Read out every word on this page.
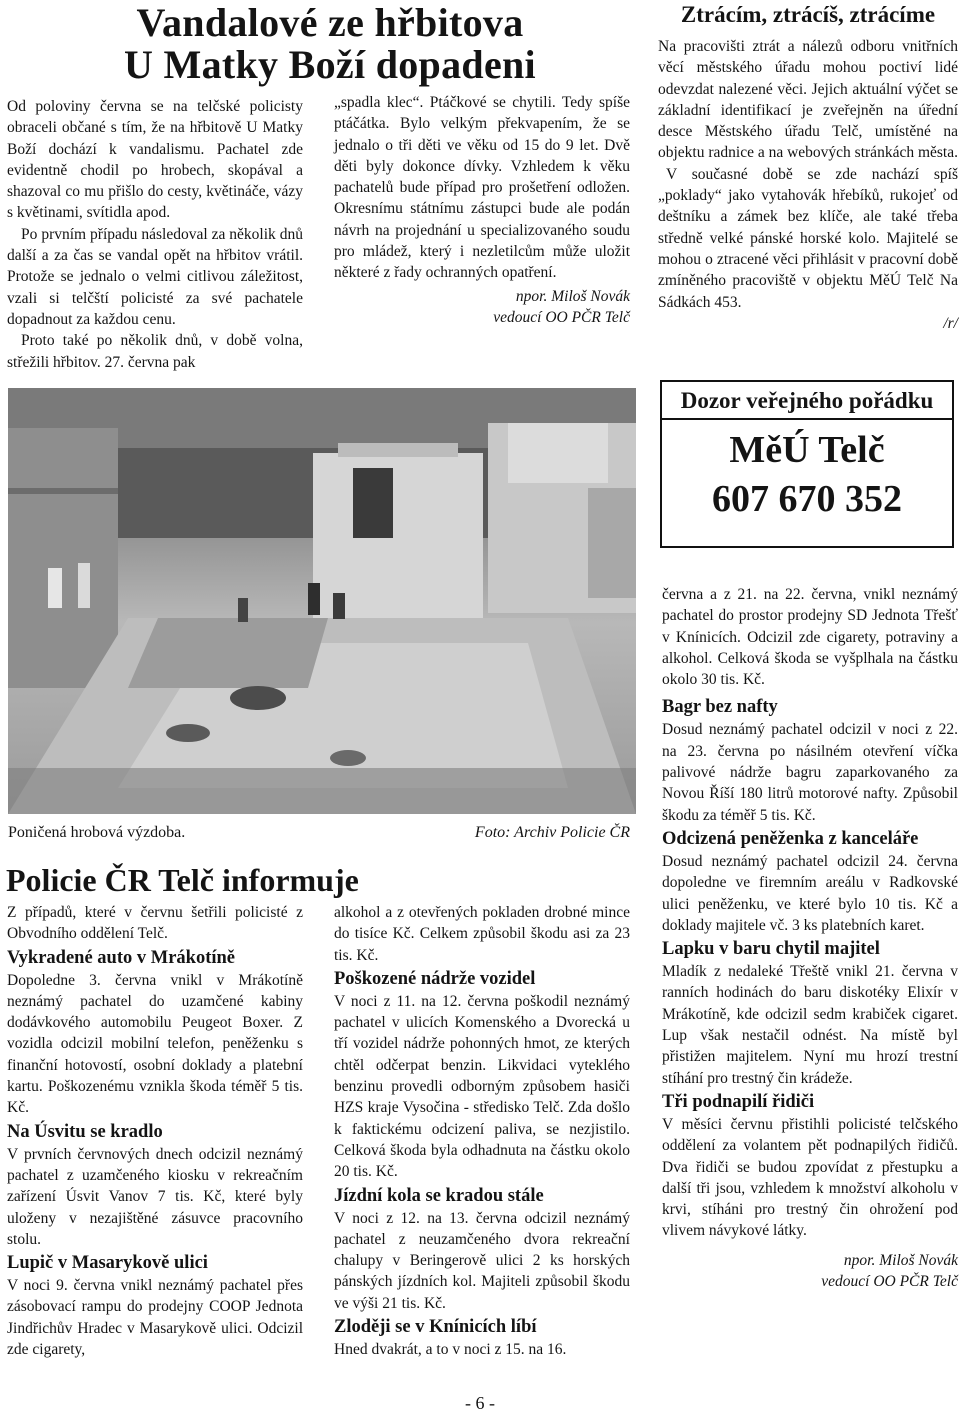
Vandalové ze hřbitova
U Matky Boží dopadeni

Od poloviny června se na telčské policisty obraceli občané s tím, že na hřbitově U Matky Boží dochází k vandalismu. Pachatel zde evidentně chodil po hrobech, skopával a shazoval co mu přišlo do cesty, květináče, vázy s květinami, svítidla apod.

Po prvním případu následoval za několik dnů další a za čas se vandal opět na hřbitov vrátil. Protože se jednalo o velmi citlivou záležitost, vzali si telčští policisté za své pachatele dopadnout za každou cenu.

Proto také po několik dnů, v době volna, střežili hřbitov. 27. června pak

„spadla klec“. Ptáčkové se chytili. Tedy spíše ptáčátka. Bylo velkým překvapením, že se jednalo o tři děti ve věku od 15 do 9 let. Dvě děti byly dokonce dívky. Vzhledem k věku pachatelů bude případ pro prošetření odložen. Okresnímu státnímu zástupci bude ale podán návrh na projednání u specializovaného soudu pro mládež, který i nezletilcům může uložit některé z řady ochranných opatření.

npor. Miloš Novák
vedoucí OO PČR Telč
Ztrácím, ztrácíš, ztrácíme

Na pracovišti ztrát a nálezů odboru vnitřních věcí městského úřadu mohou poctiví lidé odevzdat nalezené věci. Jejich aktuální výčet se základní identifikací je zveřejněn na úřední desce Městského úřadu Telč, umístěné na objektu radnice a na webových stránkách města.

V současné době se zde nachází spíš „poklady“ jako vytahovák hřebíků, rukojeť od deštníku a zámek bez klíče, ale také třeba středně velké pánské horské kolo. Majitelé se mohou o ztracené věci přihlásit v pracovní době zmíněného pracoviště v objektu MěÚ Telč Na Sádkách 453.

/r/

Dozor veřejného pořádku
MěÚ Telč
607 670 352
Poničená hrobová výzdoba.	Foto: Archiv Policie ČR
Policie ČR Telč informuje

Z případů, které v červnu šetřili policisté z Obvodního oddělení Telč.

Vykradené auto v Mrákotíně

Dopoledne 3. června vnikl v Mrákotíně neznámý pachatel do uzamčené kabiny dodávkového automobilu Peugeot Boxer. Z vozidla odcizil mobilní telefon, peněženku s finanční hotovostí, osobní doklady a platební kartu. Poškozenému vznikla škoda téměř 5 tis. Kč.

Na Úsvitu se kradlo

V prvních červnových dnech odcizil neznámý pachatel z uzamčeného kiosku v rekreačním zařízení Úsvit Vanov 7 tis. Kč, které byly uloženy v nezajištěné zásuvce pracovního stolu.

Lupič v Masarykově ulici

V noci 9. června vnikl neznámý pachatel přes zásobovací rampu do prodejny COOP Jednota Jindřichův Hradec v Masarykově ulici. Odcizil zde cigarety,

alkohol a z otevřených pokladen drobné mince do tisíce Kč. Celkem způsobil škodu asi za 23 tis. Kč.

Poškozené nádrže vozidel

V noci z 11. na 12. června poškodil neznámý pachatel v ulicích Komenského a Dvorecká u tří vozidel nádrže pohonných hmot, ze kterých chtěl odčerpat benzin. Likvidaci vyteklého benzinu provedli odborným způsobem hasiči HZS kraje Vysočina - středisko Telč. Zda došlo k faktickému odcizení paliva, se nezjistilo. Celková škoda byla odhadnuta na částku okolo 20 tis. Kč.

Jízdní kola se kradou stále

V noci z 12. na 13. června odcizil neznámý pachatel z neuzamčeného dvora rekreační chalupy v Beringerově ulici 2 ks horských pánských jízdních kol. Majiteli způsobil škodu ve výši 21 tis. Kč.

Zloději se v Knínicích líbí

Hned dvakrát, a to v noci z 15. na 16.

června a z 21. na 22. června, vnikl neznámý pachatel do prostor prodejny SD Jednota Třešť v Knínicích. Odcizil zde cigarety, potraviny a alkohol. Celková škoda se vyšplhala na částku okolo 30 tis. Kč.

Bagr bez nafty

Dosud neznámý pachatel odcizil v noci z 22. na 23. června po násilném otevření víčka palivové nádrže bagru zaparkovaného za Novou Říší 180 litrů motorové nafty. Způsobil škodu za téměř 5 tis. Kč.

Odcizená peněženka z kanceláře

Dosud neznámý pachatel odcizil 24. června dopoledne ve firemním areálu v Radkovské ulici peněženku, ve které bylo 10 tis. Kč a doklady majitele vč. 3 ks platebních karet.

Lapku v baru chytil majitel

Mladík z nedaleké Třeště vnikl 21. června v ranních hodinách do baru diskotéky Elixír v Mrákotíně, kde odcizil sedm krabiček cigaret. Lup však nestačil odnést. Na místě byl přistižen majitelem. Nyní mu hrozí trestní stíhání pro trestný čin krádeže.

Tři podnapilí řidiči

V měsíci červnu přistihli policisté telčského oddělení za volantem pět podnapilých řidičů. Dva řidiči se budou zpovídat z přestupku a další tři jsou, vzhledem k množství alkoholu v krvi, stíháni pro trestný čin ohrožení pod vlivem návykové látky.

npor. Miloš Novák
vedoucí OO PČR Telč
- 6 -
